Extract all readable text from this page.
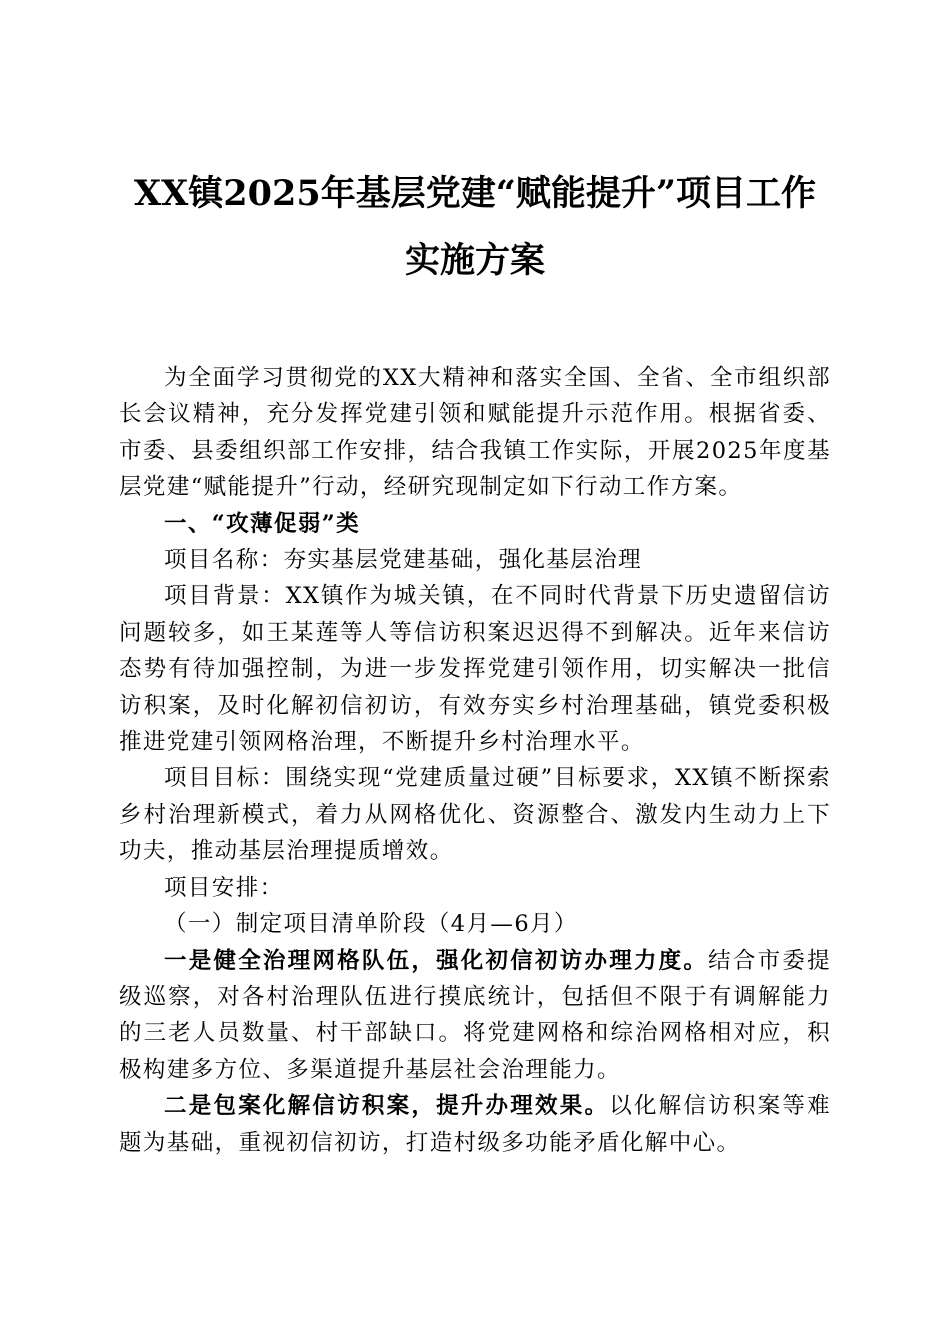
XX镇2025年基层党建“赋能提升”项目工作
实施方案

为全面学习贯彻党的XX大精神和落实全国、全省、全市组织部长会议精神，充分发挥党建引领和赋能提升示范作用。根据省委、市委、县委组织部工作安排，结合我镇工作实际，开展2025年度基层党建“赋能提升”行动，经研究现制定如下行动工作方案。

一、“攻薄促弱”类

项目名称：夯实基层党建基础，强化基层治理

项目背景：XX镇作为城关镇，在不同时代背景下历史遗留信访问题较多，如王某莲等人等信访积案迟迟得不到解决。近年来信访态势有待加强控制，为进一步发挥党建引领作用，切实解决一批信访积案，及时化解初信初访，有效夯实乡村治理基础，镇党委积极推进党建引领网格治理，不断提升乡村治理水平。

项目目标：围绕实现“党建质量过硬”目标要求，XX镇不断探索乡村治理新模式，着力从网格优化、资源整合、激发内生动力上下功夫，推动基层治理提质增效。

项目安排：

（一）制定项目清单阶段（4月—6月）

一是健全治理网格队伍，强化初信初访办理力度。结合市委提级巡察，对各村治理队伍进行摸底统计，包括但不限于有调解能力的三老人员数量、村干部缺口。将党建网格和综治网格相对应，积极构建多方位、多渠道提升基层社会治理能力。

二是包案化解信访积案，提升办理效果。以化解信访积案等难题为基础，重视初信初访，打造村级多功能矛盾化解中心。
